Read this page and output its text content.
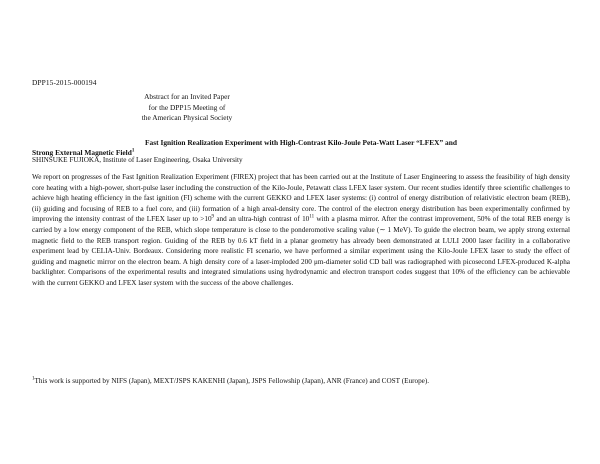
DPP15-2015-000194
Abstract for an Invited Paper
for the DPP15 Meeting of
the American Physical Society
Fast Ignition Realization Experiment with High-Contrast Kilo-Joule Peta-Watt Laser “LFEX” and
Strong External Magnetic Field$^1$
SHINSUKE FUJIOKA, Institute of Laser Engineering, Osaka University

We report on progresses of the Fast Ignition Realization Experiment (FIREX) project that has been carried out at the Institute of Laser Engineering to assess the feasibility of high density core heating with a high-power, short-pulse laser including the construction of the Kilo-Joule, Petawatt class LFEX laser system. Our recent studies identify three scientific challenges to achieve high heating efficiency in the fast ignition (FI) scheme with the current GEKKO and LFEX laser systems: (i) control of energy distribution of relativistic electron beam (REB), (ii) guiding and focusing of REB to a fuel core, and (iii) formation of a high areal-density core. The control of the electron energy distribution has been experimentally confirmed by improving the intensity contrast of the LFEX laser up to $>10^9$ and an ultra-high contrast of $10^{11}$ with a plasma mirror. After the contrast improvement, 50% of the total REB energy is carried by a low energy component of the REB, which slope temperature is close to the ponderomotive scaling value (∼ 1 MeV). To guide the electron beam, we apply strong external magnetic field to the REB transport region. Guiding of the REB by 0.6 kT field in a planar geometry has already been demonstrated at LULI 2000 laser facility in a collaborative experiment lead by CELIA-Univ. Bordeaux. Considering more realistic FI scenario, we have performed a similar experiment using the Kilo-Joule LFEX laser to study the effect of guiding and magnetic mirror on the electron beam. A high density core of a laser-imploded 200 μm-diameter solid CD ball was radiographed with picosecond LFEX-produced K-alpha backlighter. Comparisons of the experimental results and integrated simulations using hydrodynamic and electron transport codes suggest that 10% of the efficiency can be achievable with the current GEKKO and LFEX laser system with the success of the above challenges.

$^1$This work is supported by NIFS (Japan), MEXT/JSPS KAKENHI (Japan), JSPS Fellowship (Japan), ANR (France) and COST (Europe).
